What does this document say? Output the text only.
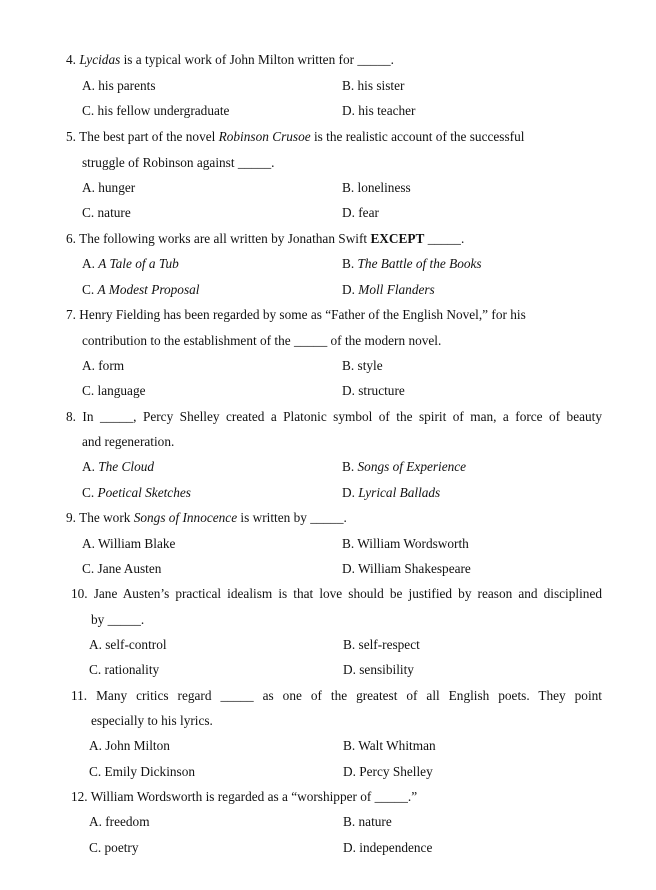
4. Lycidas is a typical work of John Milton written for _____.
A. his parents	B. his sister
C. his fellow undergraduate	D. his teacher
5. The best part of the novel Robinson Crusoe is the realistic account of the successful
struggle of Robinson against _____.
A. hunger	B. loneliness
C. nature	D. fear
6. The following works are all written by Jonathan Swift EXCEPT _____.
A. A Tale of a Tub	B. The Battle of the Books
C. A Modest Proposal	D. Moll Flanders
7. Henry Fielding has been regarded by some as “Father of the English Novel,” for his
contribution to the establishment of the _____ of the modern novel.
A. form	B. style
C. language	D. structure
8. In _____, Percy Shelley created a Platonic symbol of the spirit of man, a force of beauty
and regeneration.
A. The Cloud	B. Songs of Experience
C. Poetical Sketches	D. Lyrical Ballads
9. The work Songs of Innocence is written by _____.
A. William Blake	B. William Wordsworth
C. Jane Austen	D. William Shakespeare
10. Jane Austen’s practical idealism is that love should be justified by reason and disciplined
by _____.
A. self-control	B. self-respect
C. rationality	D. sensibility
11. Many critics regard _____ as one of the greatest of all English poets. They point
especially to his lyrics.
A. John Milton	B. Walt Whitman
C. Emily Dickinson	D. Percy Shelley
12. William Wordsworth is regarded as a “worshipper of _____.”
A. freedom	B. nature
C. poetry	D. independence
